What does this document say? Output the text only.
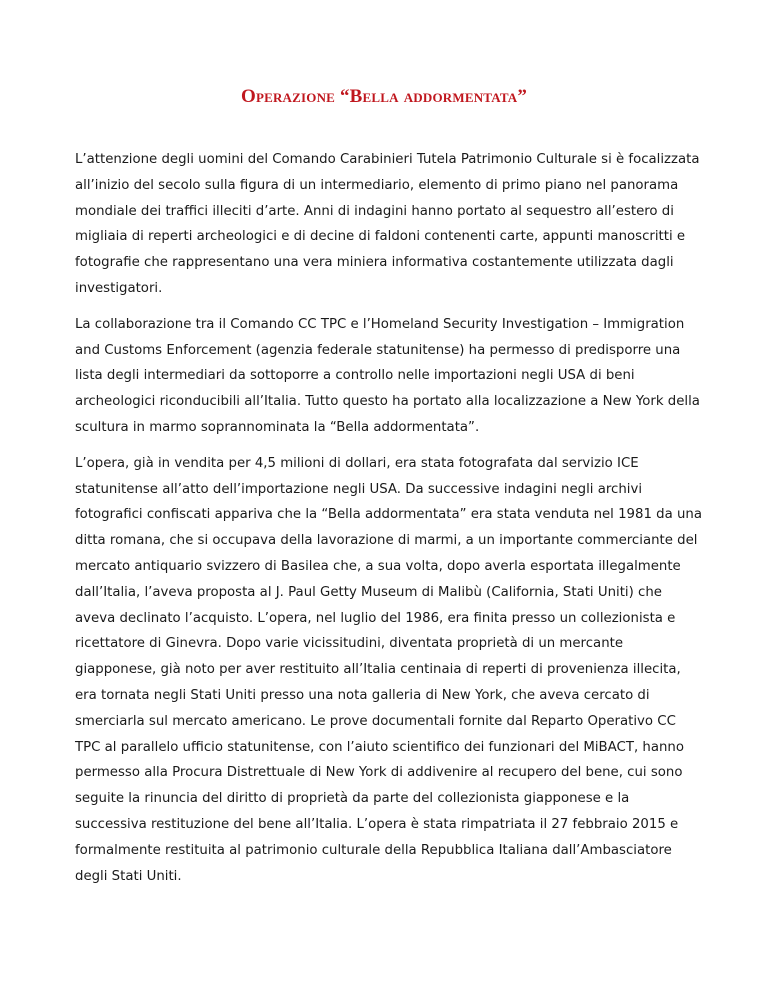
Operazione “Bella addormentata”

L’attenzione degli uomini del Comando Carabinieri Tutela Patrimonio Culturale si è focalizzata all’inizio del secolo sulla figura di un intermediario, elemento di primo piano nel panorama mondiale dei traffici illeciti d’arte. Anni di indagini hanno portato al sequestro all’estero di migliaia di reperti archeologici e di decine di faldoni contenenti carte, appunti manoscritti e fotografie che rappresentano una vera miniera informativa costantemente utilizzata dagli investigatori.

La collaborazione tra il Comando CC TPC e l’Homeland Security Investigation – Immigration and Customs Enforcement (agenzia federale statunitense) ha permesso di predisporre una lista degli intermediari da sottoporre a controllo nelle importazioni negli USA di beni archeologici riconducibili all’Italia. Tutto questo ha portato alla localizzazione a New York della scultura in marmo soprannominata la “Bella addormentata”.

L’opera, già in vendita per 4,5 milioni di dollari, era stata fotografata dal servizio ICE statunitense all’atto dell’importazione negli USA. Da successive indagini negli archivi fotografici confiscati appariva che la “Bella addormentata” era stata venduta nel 1981 da una ditta romana, che si occupava della lavorazione di marmi, a un importante commerciante del mercato antiquario svizzero di Basilea che, a sua volta, dopo averla esportata illegalmente dall’Italia, l’aveva proposta al J. Paul Getty Museum di Malibù (California, Stati Uniti) che aveva declinato l’acquisto. L’opera, nel luglio del 1986, era finita presso un collezionista e ricettatore di Ginevra. Dopo varie vicissitudini, diventata proprietà di un mercante giapponese, già noto per aver restituito all’Italia centinaia di reperti di provenienza illecita, era tornata negli Stati Uniti presso una nota galleria di New York, che aveva cercato di smerciarla sul mercato americano. Le prove documentali fornite dal Reparto Operativo CC TPC al parallelo ufficio statunitense, con l’aiuto scientifico dei funzionari del MiBACT, hanno permesso alla Procura Distrettuale di New York di addivenire al recupero del bene, cui sono seguite la rinuncia del diritto di proprietà da parte del collezionista giapponese e la successiva restituzione del bene all’Italia. L’opera è stata rimpatriata il 27 febbraio 2015 e formalmente restituita al patrimonio culturale della Repubblica Italiana dall’Ambasciatore degli Stati Uniti.
